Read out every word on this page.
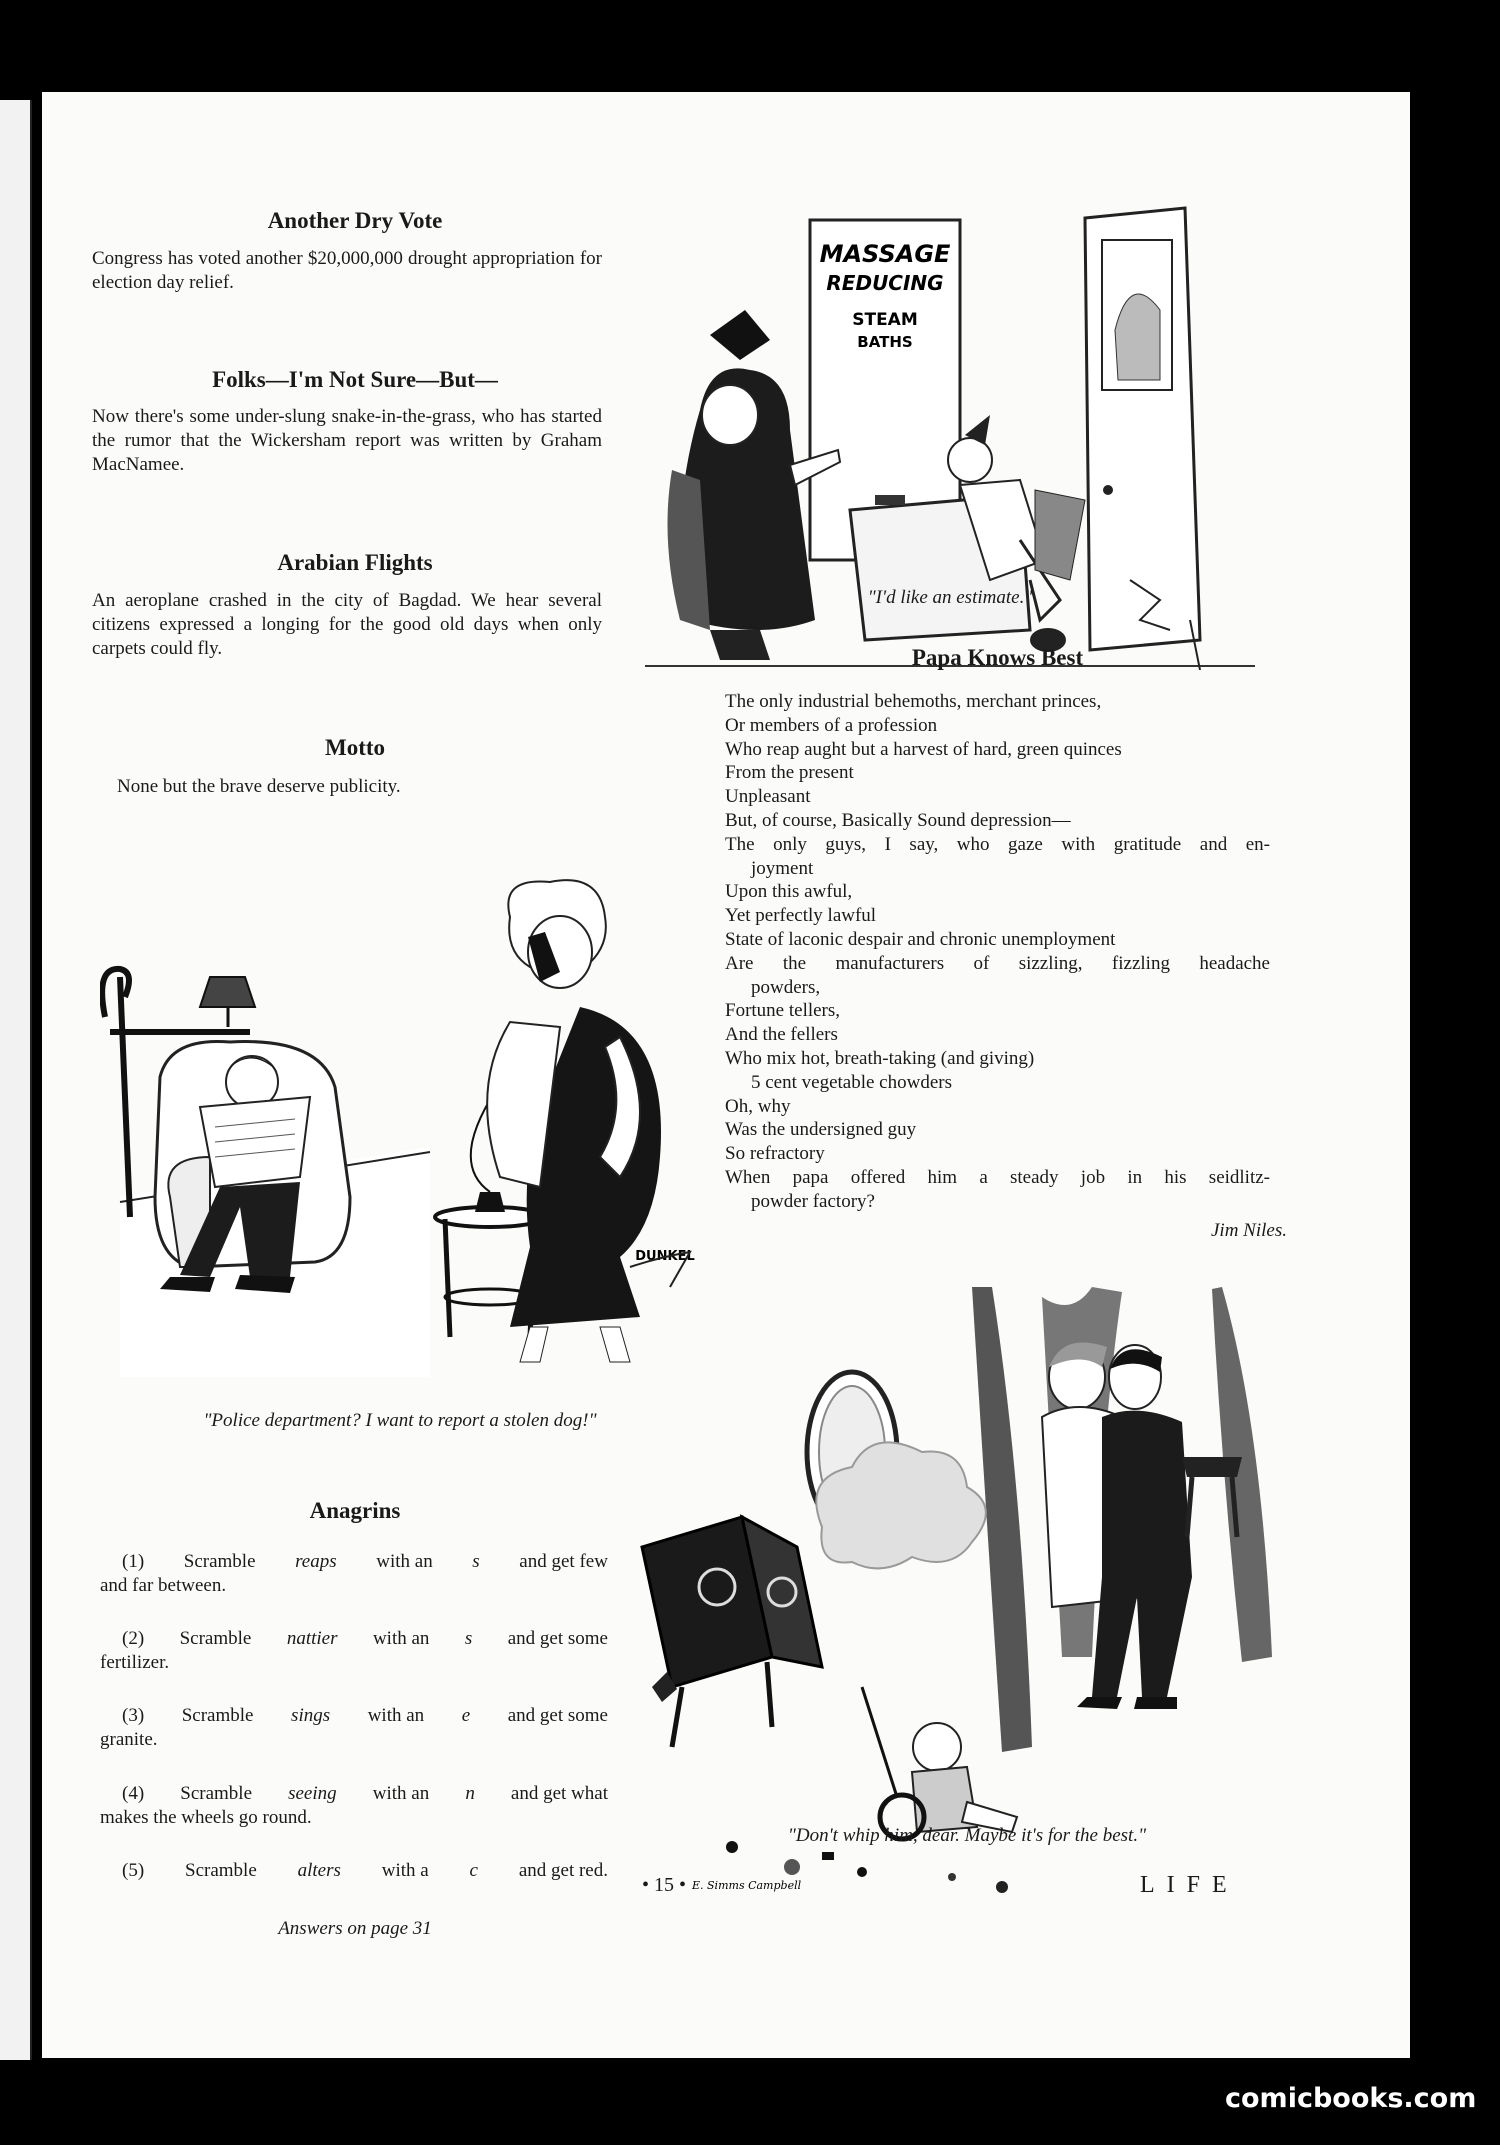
Another Dry Vote
Congress has voted another $20,000,000 drought appropriation for election day relief.
Folks—I'm Not Sure—But—
Now there's some under-slung snake-in-the-grass, who has started the rumor that the Wickersham report was written by Graham MacNamee.
Arabian Flights
An aeroplane crashed in the city of Bagdad. We hear several citizens expressed a longing for the good old days when only carpets could fly.
Motto
None but the brave deserve publicity.
MASSAGE
REDUCING
STEAM
BATHS
"I'd like an estimate."
Papa Knows Best
The only industrial behemoths, merchant princes,
Or members of a profession
Who reap aught but a harvest of hard, green quinces
From the present
Unpleasant
But, of course, Basically Sound depression—
The only guys, I say, who gaze with gratitude and en-
joyment
Upon this awful,
Yet perfectly lawful
State of laconic despair and chronic unemployment
Are the manufacturers of sizzling, fizzling headache
powders,
Fortune tellers,
And the fellers
Who mix hot, breath-taking (and giving)
5 cent vegetable chowders
Oh, why
Was the undersigned guy
So refractory
When papa offered him a steady job in his seidlitz-
powder factory?
Jim Niles.
DUNKEL
"Police department? I want to report a stolen dog!"
Anagrins
(1) Scramble reaps with an s and get few
and far between.
(2) Scramble nattier with an s and get some
fertilizer.
(3) Scramble sings with an e and get some
granite.
(4) Scramble seeing with an n and get what
makes the wheels go round.
(5) Scramble alters with a c and get red.
Answers on page 31
E. Simms Campbell
"Don't whip him, dear. Maybe it's for the best."
• 15 •	LIFE
comicbooks.com
